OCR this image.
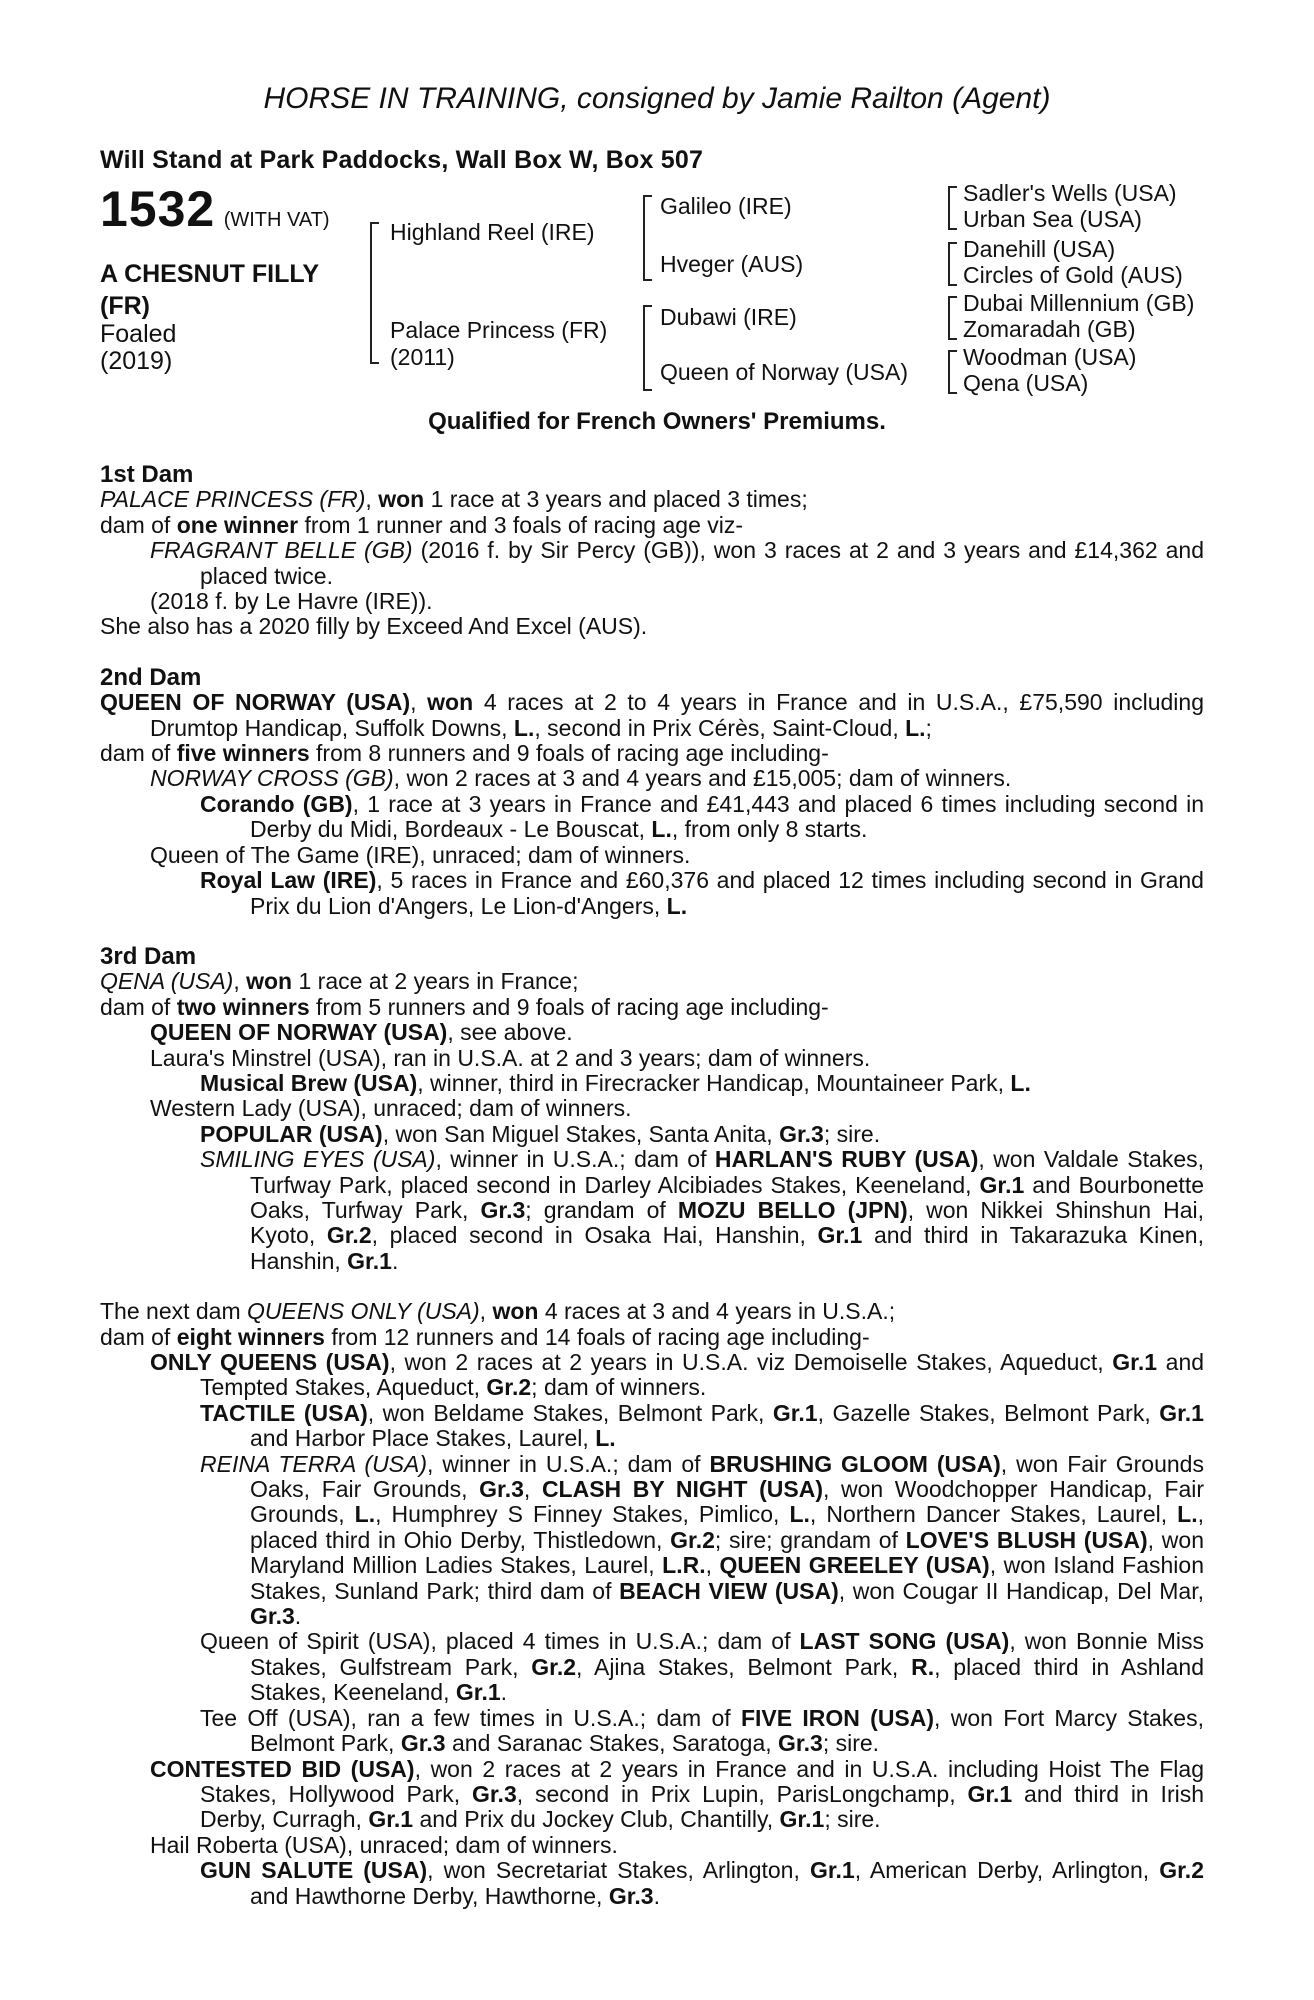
HORSE IN TRAINING, consigned by Jamie Railton (Agent)
Will Stand at Park Paddocks, Wall Box W, Box 507
1532 (WITH VAT)
A CHESNUT FILLY
(FR)
Foaled
(2019)
Highland Reel (IRE)
Palace Princess (FR)
(2011)
Galileo (IRE)
Hveger (AUS)
Dubawi (IRE)
Queen of Norway (USA)
Sadler's Wells (USA)
Urban Sea (USA)
Danehill (USA)
Circles of Gold (AUS)
Dubai Millennium (GB)
Zomaradah (GB)
Woodman (USA)
Qena (USA)
Qualified for French Owners' Premiums.
1st Dam
PALACE PRINCESS (FR), won 1 race at 3 years and placed 3 times;
dam of one winner from 1 runner and 3 foals of racing age viz-
FRAGRANT BELLE (GB) (2016 f. by Sir Percy (GB)), won 3 races at 2 and 3 years and £14,362 and placed twice.
(2018 f. by Le Havre (IRE)).
She also has a 2020 filly by Exceed And Excel (AUS).
2nd Dam
QUEEN OF NORWAY (USA), won 4 races at 2 to 4 years in France and in U.S.A., £75,590 including Drumtop Handicap, Suffolk Downs, L., second in Prix Cérès, Saint-Cloud, L.;
dam of five winners from 8 runners and 9 foals of racing age including-
NORWAY CROSS (GB), won 2 races at 3 and 4 years and £15,005; dam of winners.
Corando (GB), 1 race at 3 years in France and £41,443 and placed 6 times including second in Derby du Midi, Bordeaux - Le Bouscat, L., from only 8 starts.
Queen of The Game (IRE), unraced; dam of winners.
Royal Law (IRE), 5 races in France and £60,376 and placed 12 times including second in Grand Prix du Lion d'Angers, Le Lion-d'Angers, L.
3rd Dam
QENA (USA), won 1 race at 2 years in France;
dam of two winners from 5 runners and 9 foals of racing age including-
QUEEN OF NORWAY (USA), see above.
Laura's Minstrel (USA), ran in U.S.A. at 2 and 3 years; dam of winners.
Musical Brew (USA), winner, third in Firecracker Handicap, Mountaineer Park, L.
Western Lady (USA), unraced; dam of winners.
POPULAR (USA), won San Miguel Stakes, Santa Anita, Gr.3; sire.
SMILING EYES (USA), winner in U.S.A.; dam of HARLAN'S RUBY (USA), won Valdale Stakes, Turfway Park, placed second in Darley Alcibiades Stakes, Keeneland, Gr.1 and Bourbonette Oaks, Turfway Park, Gr.3; grandam of MOZU BELLO (JPN), won Nikkei Shinshun Hai, Kyoto, Gr.2, placed second in Osaka Hai, Hanshin, Gr.1 and third in Takarazuka Kinen, Hanshin, Gr.1.
The next dam QUEENS ONLY (USA), won 4 races at 3 and 4 years in U.S.A.;
dam of eight winners from 12 runners and 14 foals of racing age including-
ONLY QUEENS (USA), won 2 races at 2 years in U.S.A. viz Demoiselle Stakes, Aqueduct, Gr.1 and Tempted Stakes, Aqueduct, Gr.2; dam of winners.
TACTILE (USA), won Beldame Stakes, Belmont Park, Gr.1, Gazelle Stakes, Belmont Park, Gr.1 and Harbor Place Stakes, Laurel, L.
REINA TERRA (USA), winner in U.S.A.; dam of BRUSHING GLOOM (USA), won Fair Grounds Oaks, Fair Grounds, Gr.3, CLASH BY NIGHT (USA), won Woodchopper Handicap, Fair Grounds, L., Humphrey S Finney Stakes, Pimlico, L., Northern Dancer Stakes, Laurel, L., placed third in Ohio Derby, Thistledown, Gr.2; sire; grandam of LOVE'S BLUSH (USA), won Maryland Million Ladies Stakes, Laurel, L.R., QUEEN GREELEY (USA), won Island Fashion Stakes, Sunland Park; third dam of BEACH VIEW (USA), won Cougar II Handicap, Del Mar, Gr.3.
Queen of Spirit (USA), placed 4 times in U.S.A.; dam of LAST SONG (USA), won Bonnie Miss Stakes, Gulfstream Park, Gr.2, Ajina Stakes, Belmont Park, R., placed third in Ashland Stakes, Keeneland, Gr.1.
Tee Off (USA), ran a few times in U.S.A.; dam of FIVE IRON (USA), won Fort Marcy Stakes, Belmont Park, Gr.3 and Saranac Stakes, Saratoga, Gr.3; sire.
CONTESTED BID (USA), won 2 races at 2 years in France and in U.S.A. including Hoist The Flag Stakes, Hollywood Park, Gr.3, second in Prix Lupin, ParisLongchamp, Gr.1 and third in Irish Derby, Curragh, Gr.1 and Prix du Jockey Club, Chantilly, Gr.1; sire.
Hail Roberta (USA), unraced; dam of winners.
GUN SALUTE (USA), won Secretariat Stakes, Arlington, Gr.1, American Derby, Arlington, Gr.2 and Hawthorne Derby, Hawthorne, Gr.3.
